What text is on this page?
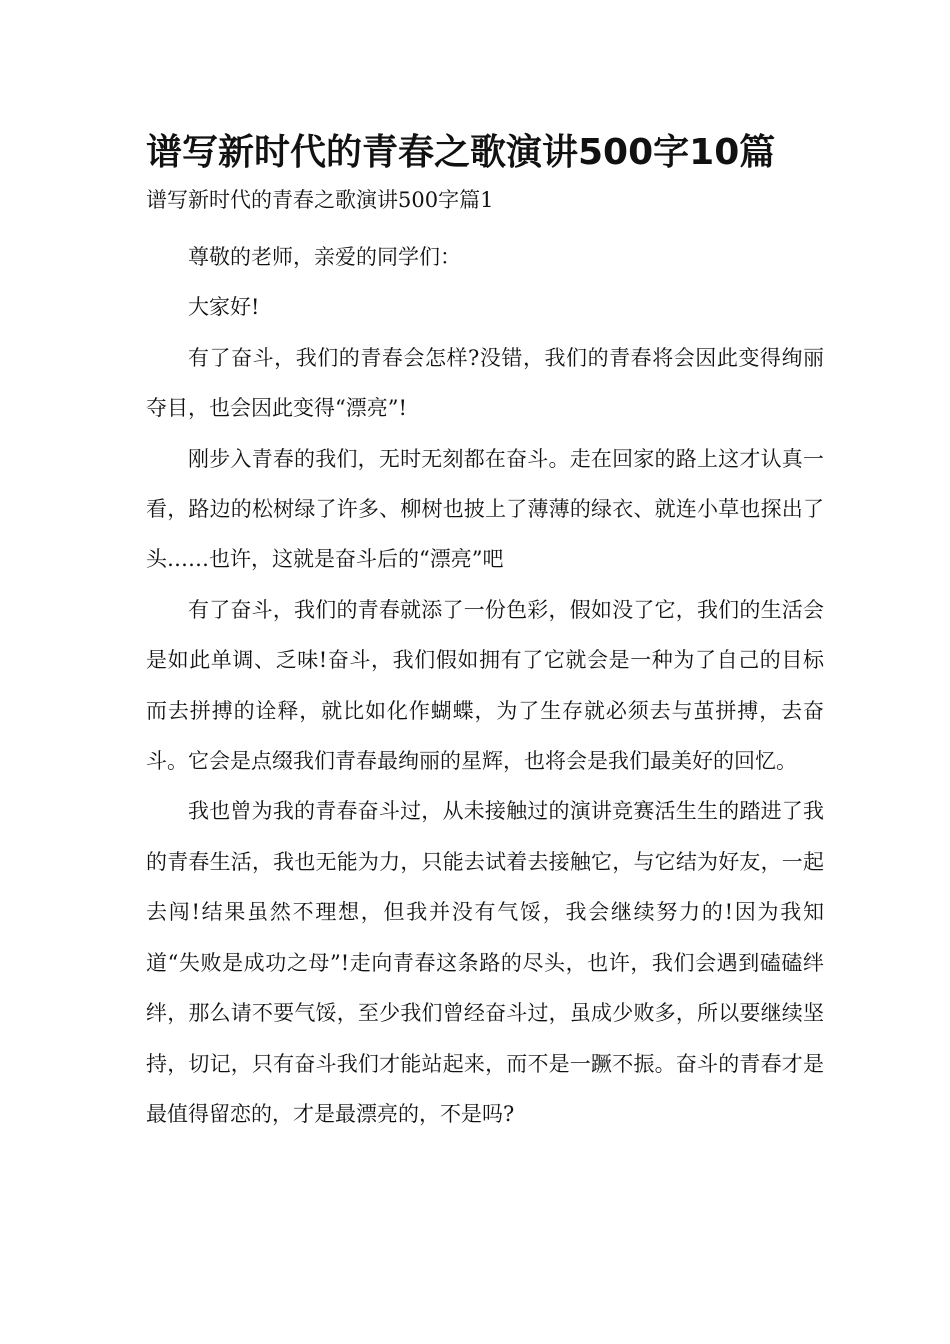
谱写新时代的青春之歌演讲500字10篇
谱写新时代的青春之歌演讲500字篇1

尊敬的老师，亲爱的同学们：

大家好!

有了奋斗，我们的青春会怎样?没错，我们的青春将会因此变得绚丽夺目，也会因此变得“漂亮”!

刚步入青春的我们，无时无刻都在奋斗。走在回家的路上这才认真一看，路边的松树绿了许多、柳树也披上了薄薄的绿衣、就连小草也探出了头……也许，这就是奋斗后的“漂亮”吧

有了奋斗，我们的青春就添了一份色彩，假如没了它，我们的生活会是如此单调、乏味!奋斗，我们假如拥有了它就会是一种为了自己的目标而去拼搏的诠释，就比如化作蝴蝶，为了生存就必须去与茧拼搏，去奋斗。它会是点缀我们青春最绚丽的星辉，也将会是我们最美好的回忆。

我也曾为我的青春奋斗过，从未接触过的演讲竞赛活生生的踏进了我的青春生活，我也无能为力，只能去试着去接触它，与它结为好友，一起去闯!结果虽然不理想，但我并没有气馁，我会继续努力的!因为我知道“失败是成功之母”!走向青春这条路的尽头，也许，我们会遇到磕磕绊绊，那么请不要气馁，至少我们曾经奋斗过，虽成少败多，所以要继续坚持，切记，只有奋斗我们才能站起来，而不是一蹶不振。奋斗的青春才是最值得留恋的，才是最漂亮的，不是吗?
